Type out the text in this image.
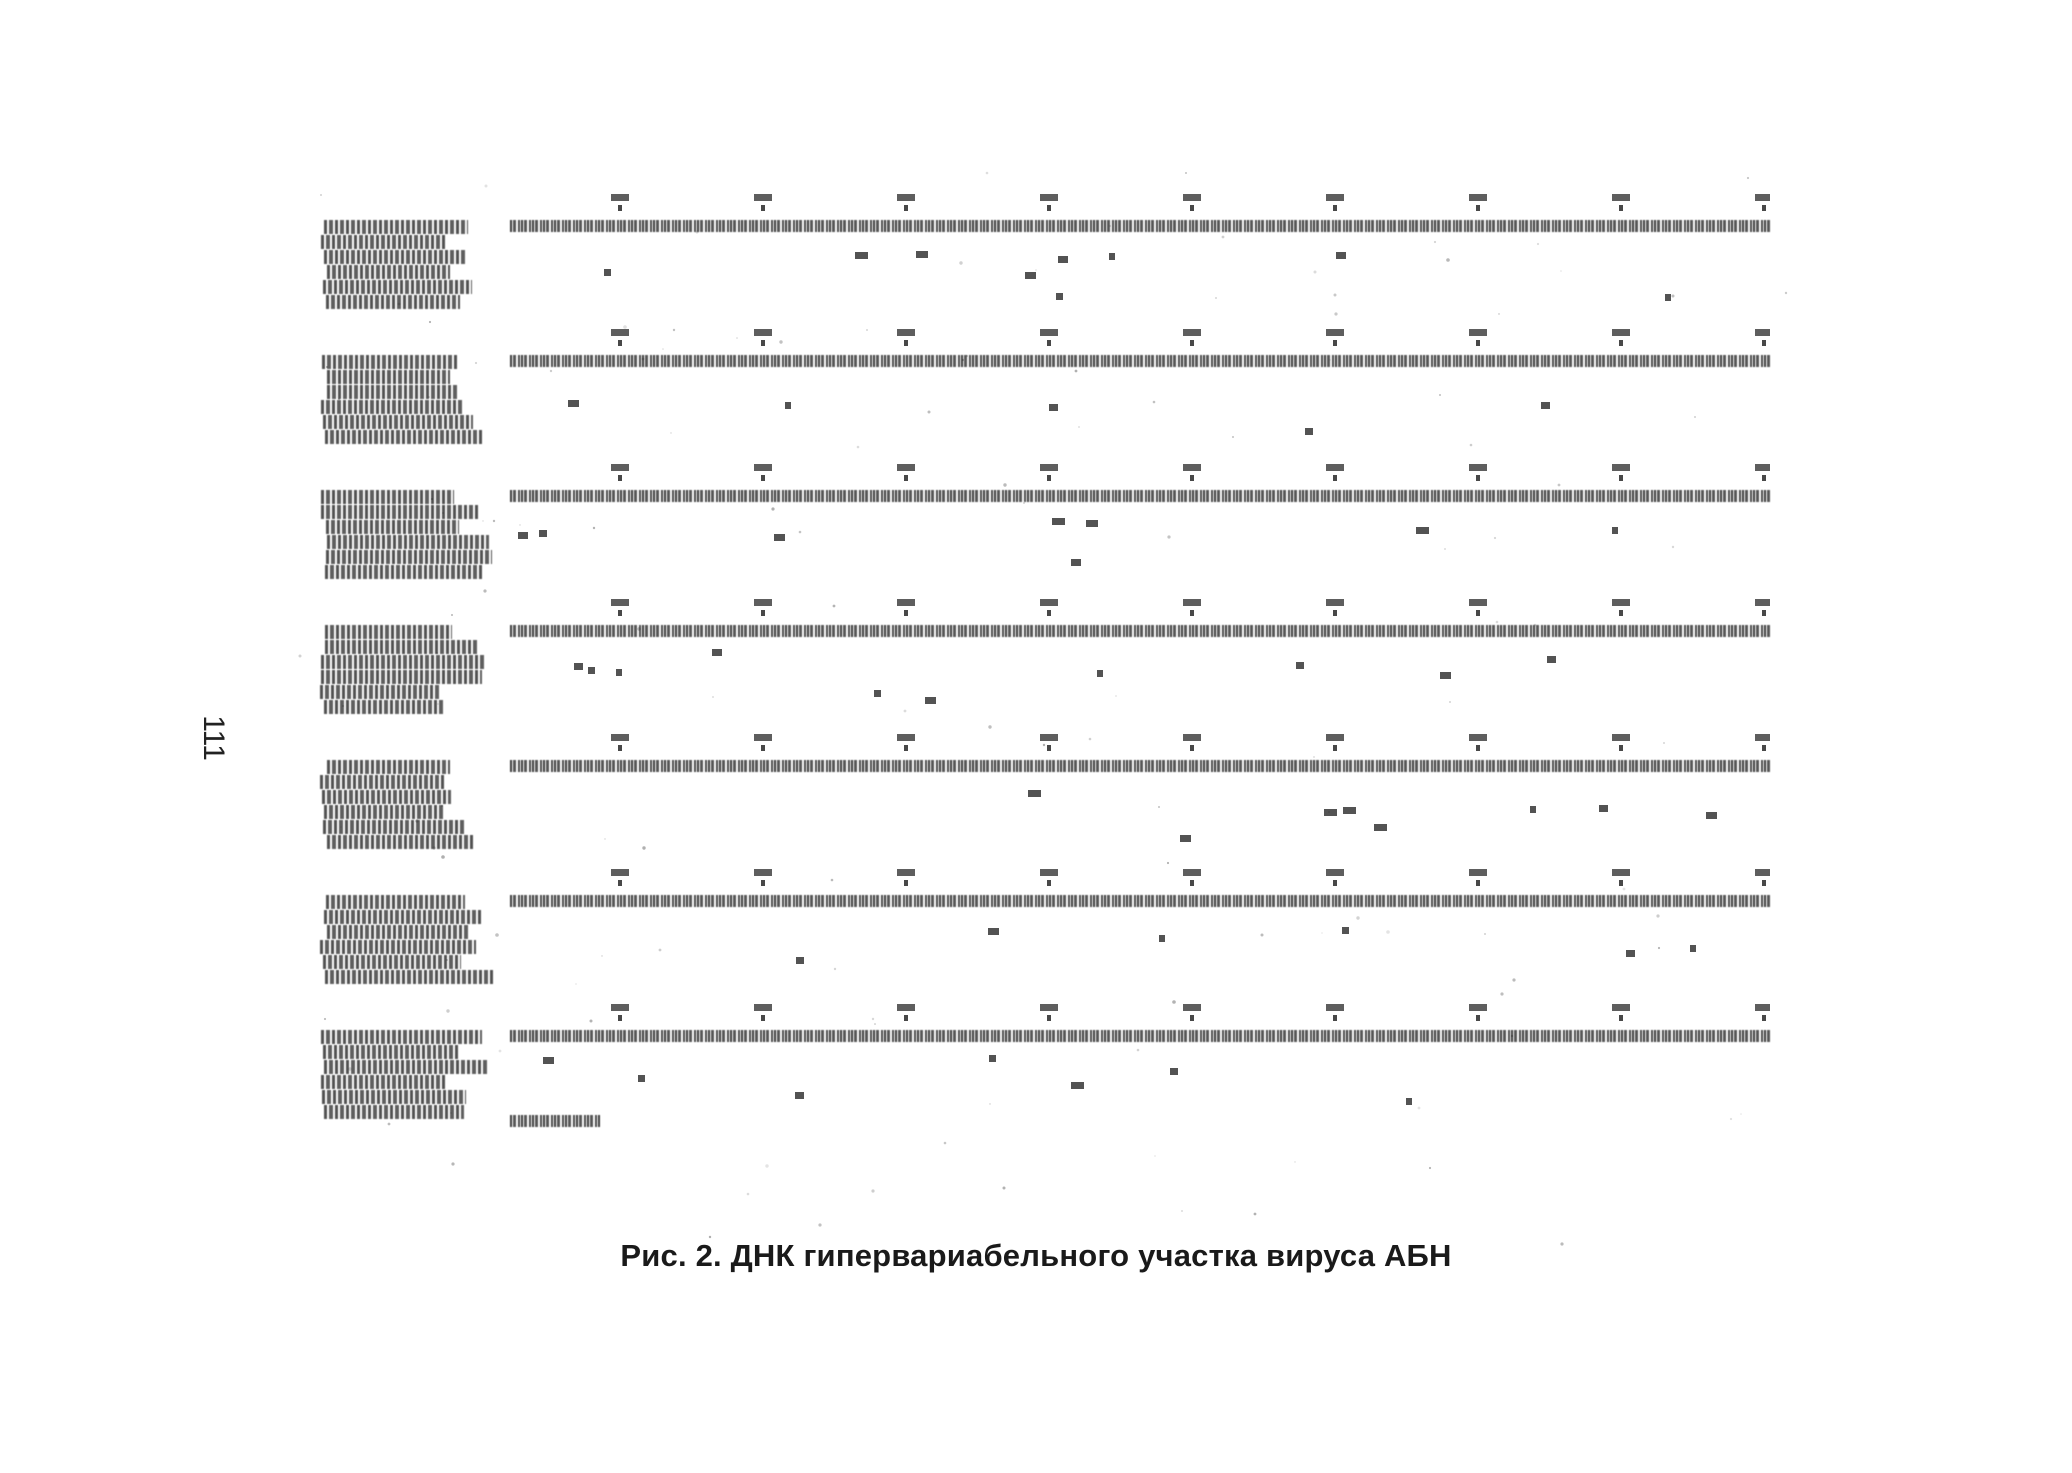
111
Рис. 2. ДНК гипервариабельного участка вируса АБН
